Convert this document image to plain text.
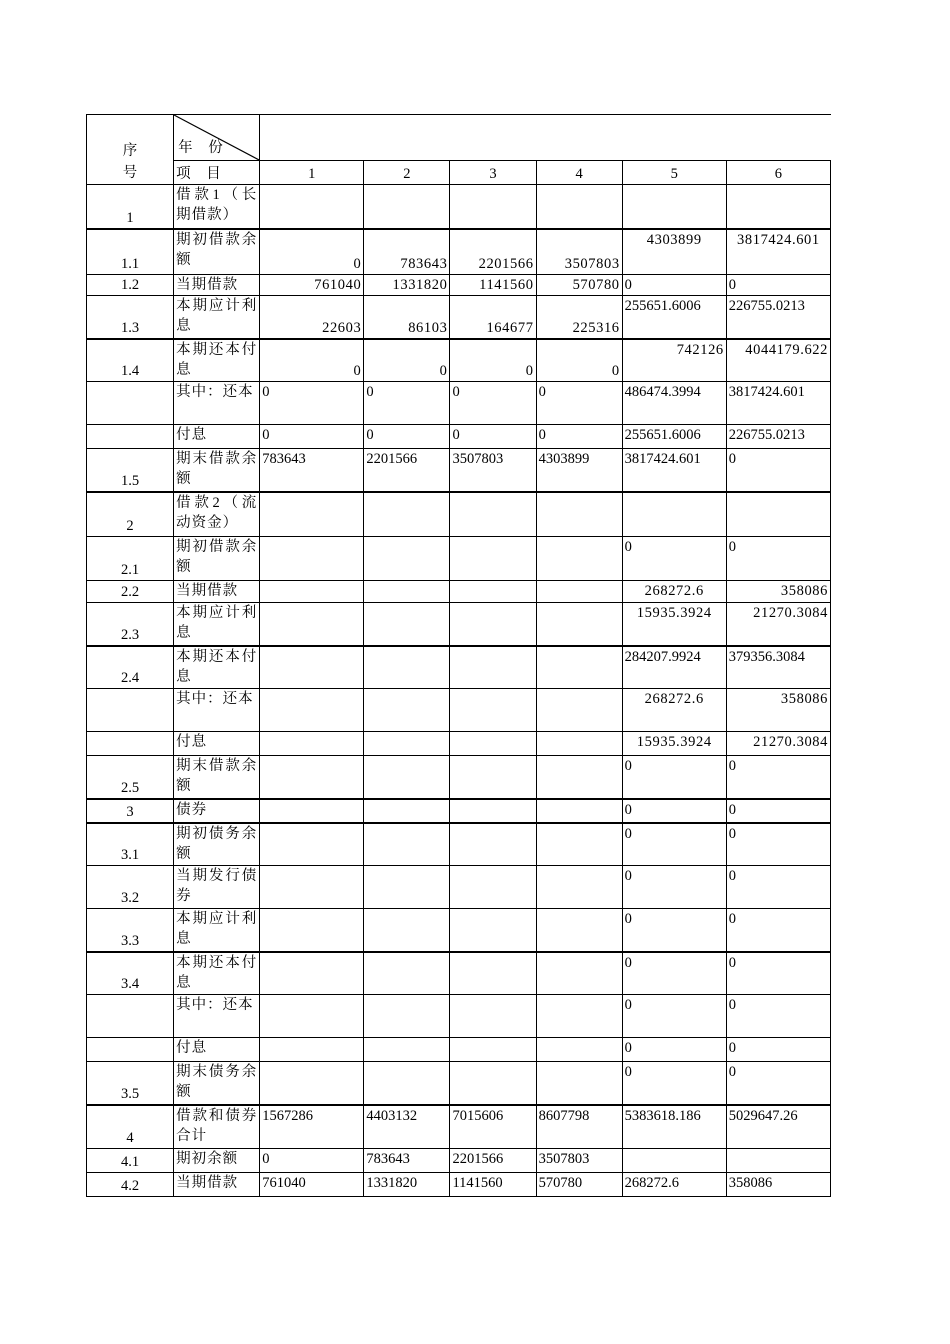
序
号	年 份						

项 目	1	2	3	4	5	6
1	借款1（长期借款）						
1.1	期初借款余额	0	783643	2201566	3507803	4303899	3817424.601
1.2	当期借款	761040	1331820	1141560	570780	0	0
1.3	本期应计利息	22603	86103	164677	225316	255651.6006	226755.0213
1.4	本期还本付息	0	0	0	0	742126	4044179.622
	其中：还本	0	0	0	0	486474.3994	3817424.601
	付息	0	0	0	0	255651.6006	226755.0213
1.5	期末借款余额	783643	2201566	3507803	4303899	3817424.601	0
2	借款2（流动资金）						
2.1	期初借款余额					0	0
2.2	当期借款					268272.6	358086
2.3	本期应计利息					15935.3924	21270.3084
2.4	本期还本付息					284207.9924	379356.3084
	其中：还本					268272.6	358086
	付息					15935.3924	21270.3084
2.5	期末借款余额					0	0
3	债券					0	0
3.1	期初债务余额					0	0
3.2	当期发行债券					0	0
3.3	本期应计利息					0	0
3.4	本期还本付息					0	0
	其中：还本					0	0
	付息					0	0
3.5	期末债务余额					0	0
4	借款和债券合计	1567286	4403132	7015606	8607798	5383618.186	5029647.26
4.1	期初余额	0	783643	2201566	3507803		
4.2	当期借款	761040	1331820	1141560	570780	268272.6	358086
